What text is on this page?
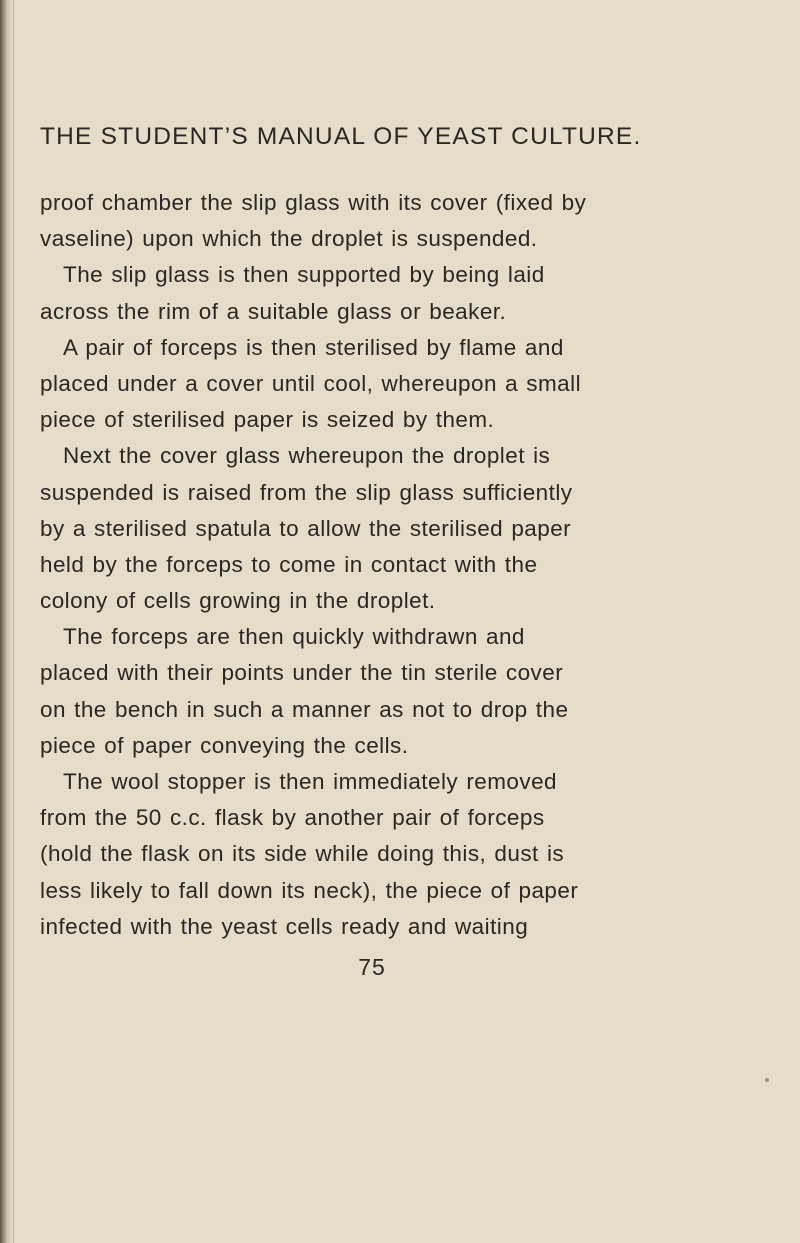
THE STUDENT’S MANUAL OF YEAST CULTURE.
proof chamber the slip glass with its cover (fixed by
vaseline) upon which the droplet is suspended.
The slip glass is then supported by being laid
across the rim of a suitable glass or beaker.
A pair of forceps is then sterilised by flame and
placed under a cover until cool, whereupon a small
piece of sterilised paper is seized by them.
Next the cover glass whereupon the droplet is
suspended is raised from the slip glass sufficiently
by a sterilised spatula to allow the sterilised paper
held by the forceps to come in contact with the
colony of cells growing in the droplet.
The forceps are then quickly withdrawn and
placed with their points under the tin sterile cover
on the bench in such a manner as not to drop the
piece of paper conveying the cells.
The wool stopper is then immediately removed
from the 50 c.c. flask by another pair of forceps
(hold the flask on its side while doing this, dust is
less likely to fall down its neck), the piece of paper
infected with the yeast cells ready and waiting
75
